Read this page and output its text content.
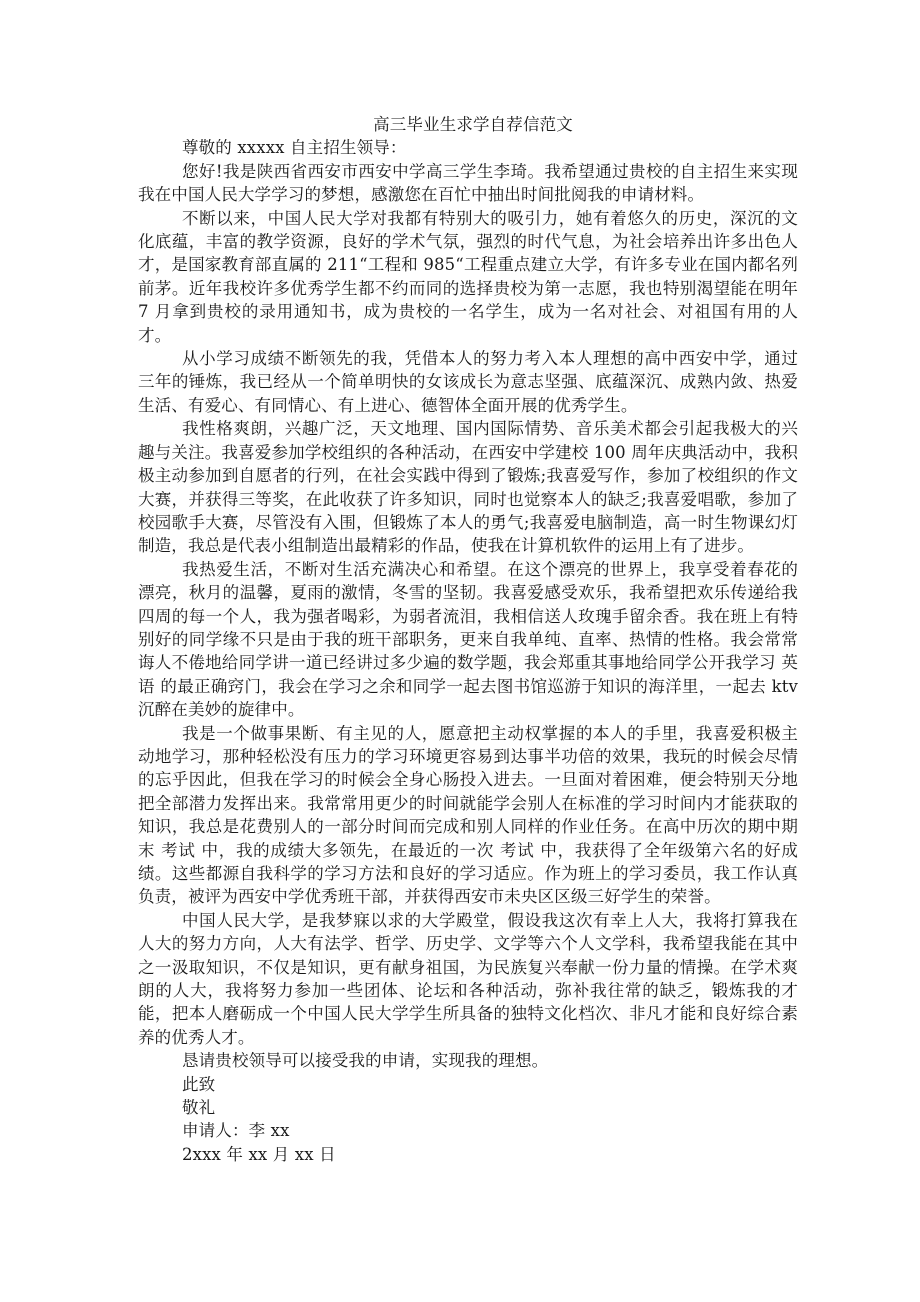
高三毕业生求学自荐信范文

尊敬的 xxxxx 自主招生领导：

您好!我是陕西省西安市西安中学高三学生李琦。我希望通过贵校的自主招生来实现我在中国人民大学学习的梦想，感激您在百忙中抽出时间批阅我的申请材料。

不断以来，中国人民大学对我都有特别大的吸引力，她有着悠久的历史，深沉的文化底蕴，丰富的教学资源，良好的学术气氛，强烈的时代气息，为社会培养出许多出色人才，是国家教育部直属的 211“工程和 985“工程重点建立大学，有许多专业在国内都名列前茅。近年我校许多优秀学生都不约而同的选择贵校为第一志愿，我也特别渴望能在明年 7 月拿到贵校的录用通知书，成为贵校的一名学生，成为一名对社会、对祖国有用的人才。

从小学习成绩不断领先的我，凭借本人的努力考入本人理想的高中西安中学，通过三年的锤炼，我已经从一个简单明快的女该成长为意志坚强、底蕴深沉、成熟内敛、热爱生活、有爱心、有同情心、有上进心、德智体全面开展的优秀学生。

我性格爽朗，兴趣广泛，天文地理、国内国际情势、音乐美术都会引起我极大的兴趣与关注。我喜爱参加学校组织的各种活动，在西安中学建校 100 周年庆典活动中，我积极主动参加到自愿者的行列，在社会实践中得到了锻炼;我喜爱写作，参加了校组织的作文大赛，并获得三等奖，在此收获了许多知识，同时也觉察本人的缺乏;我喜爱唱歌，参加了校园歌手大赛，尽管没有入围，但锻炼了本人的勇气;我喜爱电脑制造，高一时生物课幻灯制造，我总是代表小组制造出最精彩的作品，使我在计算机软件的运用上有了进步。

我热爱生活，不断对生活充满决心和希望。在这个漂亮的世界上，我享受着春花的漂亮，秋月的温馨，夏雨的激情，冬雪的坚韧。我喜爱感受欢乐，我希望把欢乐传递给我四周的每一个人，我为强者喝彩，为弱者流泪，我相信送人玫瑰手留余香。我在班上有特别好的同学缘不只是由于我的班干部职务，更来自我单纯、直率、热情的性格。我会常常诲人不倦地给同学讲一道已经讲过多少遍的数学题，我会郑重其事地给同学公开我学习 英语 的最正确窍门，我会在学习之余和同学一起去图书馆巡游于知识的海洋里，一起去 ktv 沉醉在美妙的旋律中。

我是一个做事果断、有主见的人，愿意把主动权掌握的本人的手里，我喜爱积极主动地学习，那种轻松没有压力的学习环境更容易到达事半功倍的效果，我玩的时候会尽情的忘乎因此，但我在学习的时候会全身心肠投入进去。一旦面对着困难，便会特别天分地把全部潜力发挥出来。我常常用更少的时间就能学会别人在标准的学习时间内才能获取的知识，我总是花费别人的一部分时间而完成和别人同样的作业任务。在高中历次的期中期末 考试 中，我的成绩大多领先，在最近的一次 考试 中，我获得了全年级第六名的好成绩。这些都源自我科学的学习方法和良好的学习适应。作为班上的学习委员，我工作认真负责，被评为西安中学优秀班干部，并获得西安市未央区区级三好学生的荣誉。

中国人民大学，是我梦寐以求的大学殿堂，假设我这次有幸上人大，我将打算我在人大的努力方向，人大有法学、哲学、历史学、文学等六个人文学科，我希望我能在其中之一汲取知识，不仅是知识，更有献身祖国，为民族复兴奉献一份力量的情操。在学术爽朗的人大，我将努力参加一些团体、论坛和各种活动，弥补我往常的缺乏，锻炼我的才能，把本人磨砺成一个中国人民大学学生所具备的独特文化档次、非凡才能和良好综合素养的优秀人才。

恳请贵校领导可以接受我的申请，实现我的理想。

此致

敬礼

申请人：李 xx

2xxx 年 xx 月 xx 日
